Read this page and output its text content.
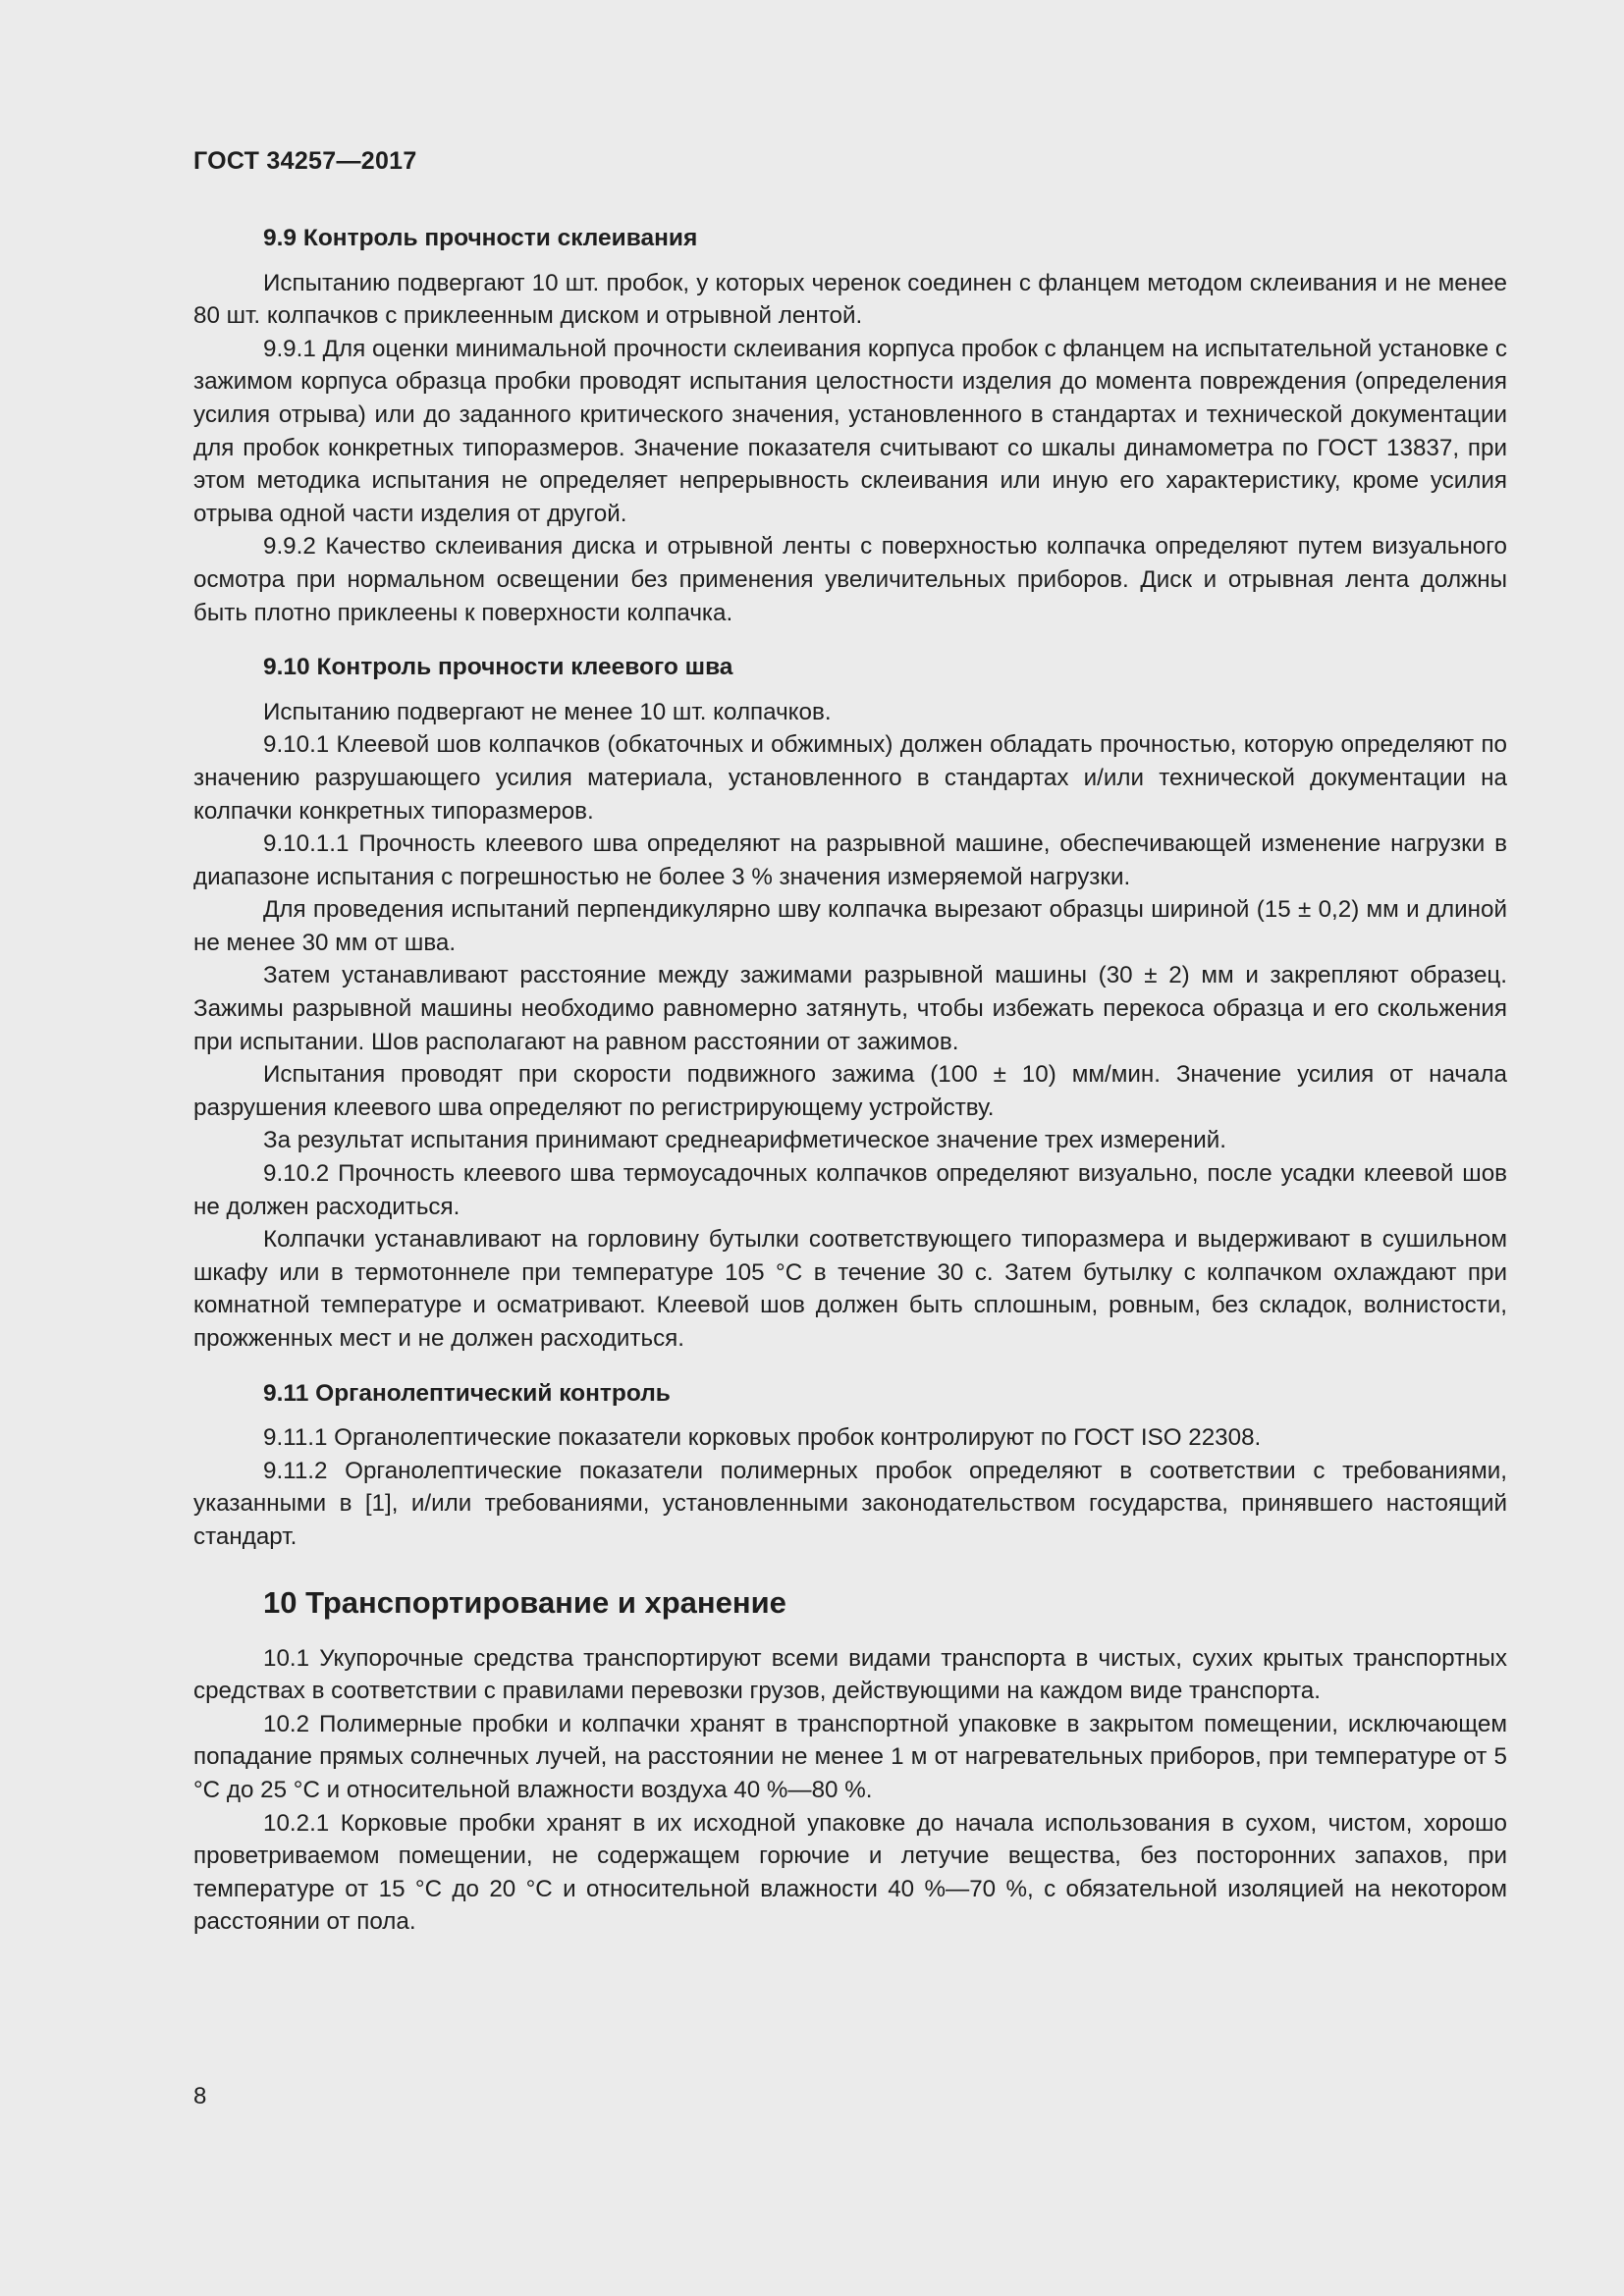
ГОСТ 34257—2017
9.9 Контроль прочности склеивания

Испытанию подвергают 10 шт. пробок, у которых черенок соединен с фланцем методом склеивания и не менее 80 шт. колпачков с приклеенным диском и отрывной лентой.

9.9.1 Для оценки минимальной прочности склеивания корпуса пробок с фланцем на испытательной установке с зажимом корпуса образца пробки проводят испытания целостности изделия до момента повреждения (определения усилия отрыва) или до заданного критического значения, установленного в стандартах и технической документации для пробок конкретных типоразмеров. Значение показателя считывают со шкалы динамометра по ГОСТ 13837, при этом методика испытания не определяет непрерывность склеивания или иную его характеристику, кроме усилия отрыва одной части изделия от другой.

9.9.2 Качество склеивания диска и отрывной ленты с поверхностью колпачка определяют путем визуального осмотра при нормальном освещении без применения увеличительных приборов. Диск и отрывная лента должны быть плотно приклеены к поверхности колпачка.

9.10 Контроль прочности клеевого шва

Испытанию подвергают не менее 10 шт. колпачков.

9.10.1 Клеевой шов колпачков (обкаточных и обжимных) должен обладать прочностью, которую определяют по значению разрушающего усилия материала, установленного в стандартах и/или технической документации на колпачки конкретных типоразмеров.

9.10.1.1 Прочность клеевого шва определяют на разрывной машине, обеспечивающей изменение нагрузки в диапазоне испытания с погрешностью не более 3 % значения измеряемой нагрузки.

Для проведения испытаний перпендикулярно шву колпачка вырезают образцы шириной (15 ± 0,2) мм и длиной не менее 30 мм от шва.

Затем устанавливают расстояние между зажимами разрывной машины (30 ± 2) мм и закрепляют образец. Зажимы разрывной машины необходимо равномерно затянуть, чтобы избежать перекоса образца и его скольжения при испытании. Шов располагают на равном расстоянии от зажимов.

Испытания проводят при скорости подвижного зажима (100 ± 10) мм/мин. Значение усилия от начала разрушения клеевого шва определяют по регистрирующему устройству.

За результат испытания принимают среднеарифметическое значение трех измерений.

9.10.2 Прочность клеевого шва термоусадочных колпачков определяют визуально, после усадки клеевой шов не должен расходиться.

Колпачки устанавливают на горловину бутылки соответствующего типоразмера и выдерживают в сушильном шкафу или в термотоннеле при температуре 105 °C в течение 30 с. Затем бутылку с колпачком охлаждают при комнатной температуре и осматривают. Клеевой шов должен быть сплошным, ровным, без складок, волнистости, прожженных мест и не должен расходиться.

9.11 Органолептический контроль

9.11.1 Органолептические показатели корковых пробок контролируют по ГОСТ ISO 22308.

9.11.2 Органолептические показатели полимерных пробок определяют в соответствии с требованиями, указанными в [1], и/или требованиями, установленными законодательством государства, принявшего настоящий стандарт.

10 Транспортирование и хранение

10.1 Укупорочные средства транспортируют всеми видами транспорта в чистых, сухих крытых транспортных средствах в соответствии с правилами перевозки грузов, действующими на каждом виде транспорта.

10.2 Полимерные пробки и колпачки хранят в транспортной упаковке в закрытом помещении, исключающем попадание прямых солнечных лучей, на расстоянии не менее 1 м от нагревательных приборов, при температуре от 5 °C до 25 °C и относительной влажности воздуха 40 %—80 %.

10.2.1 Корковые пробки хранят в их исходной упаковке до начала использования в сухом, чистом, хорошо проветриваемом помещении, не содержащем горючие и летучие вещества, без посторонних запахов, при температуре от 15 °C до 20 °C и относительной влажности 40 %—70 %, с обязательной изоляцией на некотором расстоянии от пола.

8
